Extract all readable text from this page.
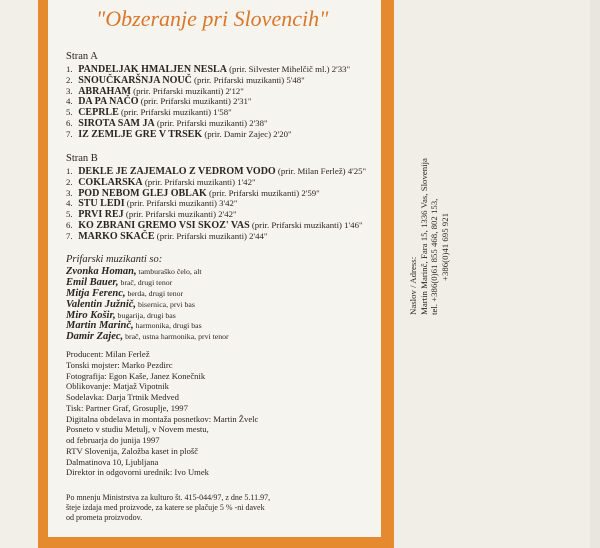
"Obzeranje pri Slovencih"
Stran A
1. PANDELJAK HMALJEN NESLA (prir. Silvester Mihelčič ml.) 2'33"
2. SNOUČKARŠNJA NOUČ (prir. Prifarski muzikanti) 5'48"
3. ABRAHAM (prir. Prifarski muzikanti) 2'12"
4. DA PA NAČO (prir. Prifarski muzikanti) 2'31"
5. CEPRLE (prir. Prifarski muzikanti) 1'58"
6. SIROTA SAM JA (prir. Prifarski muzikanti) 2'38"
7. IZ ZEMLJE GRE V TRSEK (prir. Damir Zajec) 2'20"
Stran B
1. DEKLE JE ZAJEMALO Z VEDROM VODO (prir. Milan Ferlež) 4'25"
2. COKLARSKA (prir. Prifarski muzikanti) 1'42"
3. POD NEBOM GLEJ OBLAK (prir. Prifarski muzikanti) 2'59"
4. STU LEDI (prir. Prifarski muzikanti) 3'42"
5. PRVI REJ (prir. Prifarski muzikanti) 2'42"
6. KO ZBRANI GREMO VSI SKOZ' VAS (prir. Prifarski muzikanti) 1'46"
7. MARKO SKAČE (prir. Prifarski muzikanti) 2'44"
Prifarski muzikanti so:
Zvonka Homan, tamburaško čelo, alt
Emil Bauer, brač, drugi tenor
Mitja Ferenc, berda, drugi tenor
Valentin Južnič, bisernica, prvi bas
Miro Košir, bugarija, drugi bas
Martin Marinč, harmonika, drugi bas
Damir Zajec, brač, ustna harmonika, prvi tenor
Producent: Milan Ferlež
Tonski mojster: Marko Pezdirc
Fotografija: Egon Kaše, Janez Konečnik
Oblikovanje: Matjaž Vipotnik
Sodelavka: Darja Trtnik Medved
Tisk: Partner Graf, Grosuplje, 1997
Digitalna obdelava in montaža posnetkov: Martin Žvelc
Posneto v studiu Metulj, v Novem mestu,
od februarja do junija 1997
RTV Slovenija, Založba kaset in plošč
Dalmatinova 10, Ljubljana
Direktor in odgovorni urednik: Ivo Umek
Po mnenju Ministrstva za kulturo št. 415-044/97, z dne 5.11.97,
šteje izdaja med proizvode, za katere se plačuje 5 % -ni davek
od prometa proizvodov.
Naslov / Adress: Martin Marinč, Fara 15, 1336 Vas, Slovenija tel. +386(0)61 855 468, 802 153, +386(0)41 695 921
